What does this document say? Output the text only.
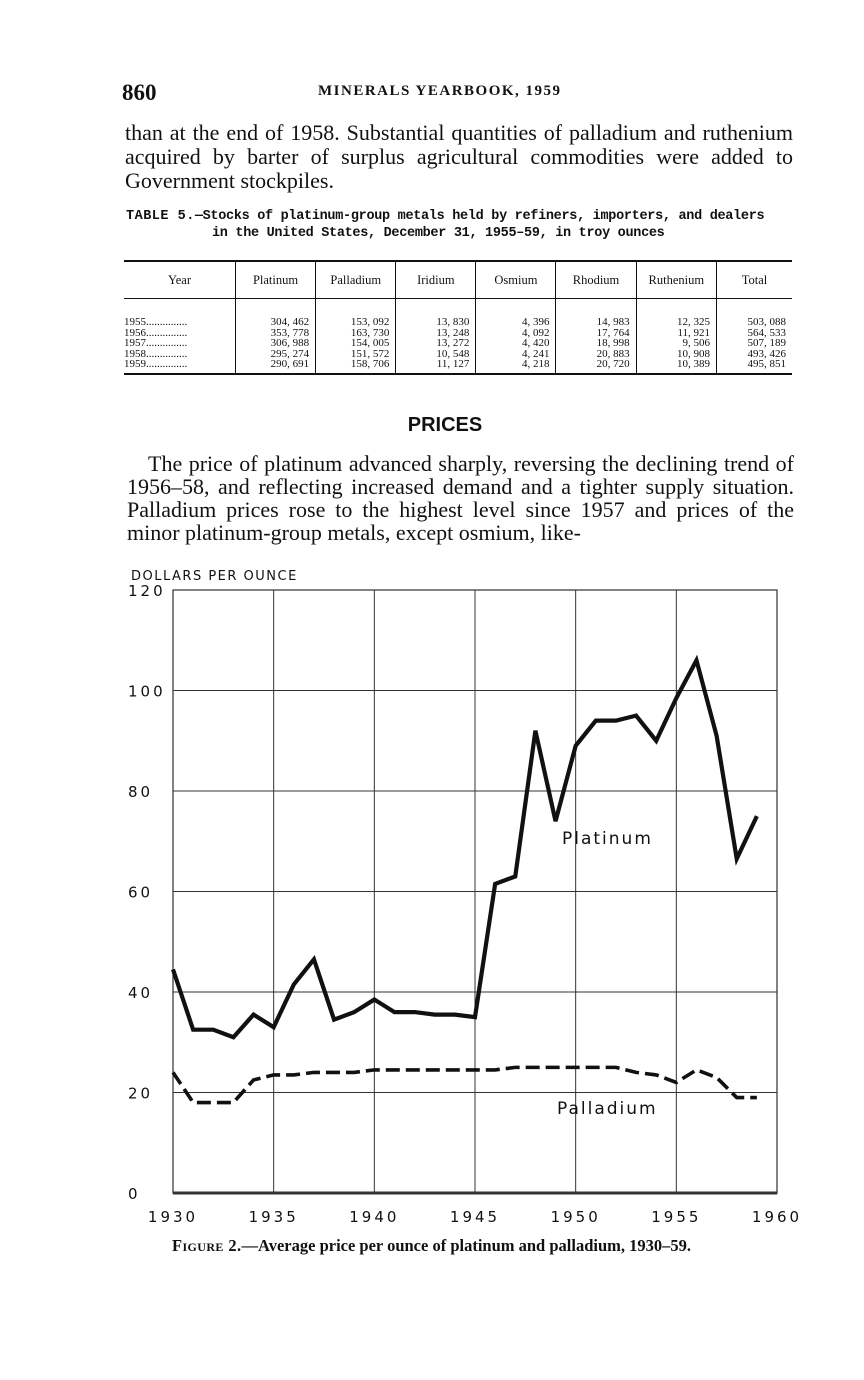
860	MINERALS YEARBOOK, 1959
than at the end of 1958. Substantial quantities of palladium and ruthenium acquired by barter of surplus agricultural commodities were added to Government stockpiles.
TABLE 5.—Stocks of platinum-group metals held by refiners, importers, and dealers
in the United States, December 31, 1955–59, in troy ounces
Year	Platinum	Palladium	Iridium	Osmium	Rhodium	Ruthenium	Total
1955 .....	304, 462	153, 092	13, 830	4, 396	14, 983	12, 325	503, 088
1956 .....	353, 778	163, 730	13, 248	4, 092	17, 764	11, 921	564, 533
1957 .....	306, 988	154, 005	13, 272	4, 420	18, 998	9, 506	507, 189
1958 .....	295, 274	151, 572	10, 548	4, 241	20, 883	10, 908	493, 426
1959 .....	290, 691	158, 706	11, 127	4, 218	20, 720	10, 389	495, 851
PRICES
The price of platinum advanced sharply, reversing the declining trend of 1956–58, and reflecting increased demand and a tighter supply situation. Palladium prices rose to the highest level since 1957 and prices of the minor platinum-group metals, except osmium, like-
0
20
40
60
80
100
120
1930	1935	1940	1945	1950	1955	1960
DOLLARS PER OUNCE
Platinum
Palladium
Figure 2.—Average price per ounce of platinum and palladium, 1930–59.
